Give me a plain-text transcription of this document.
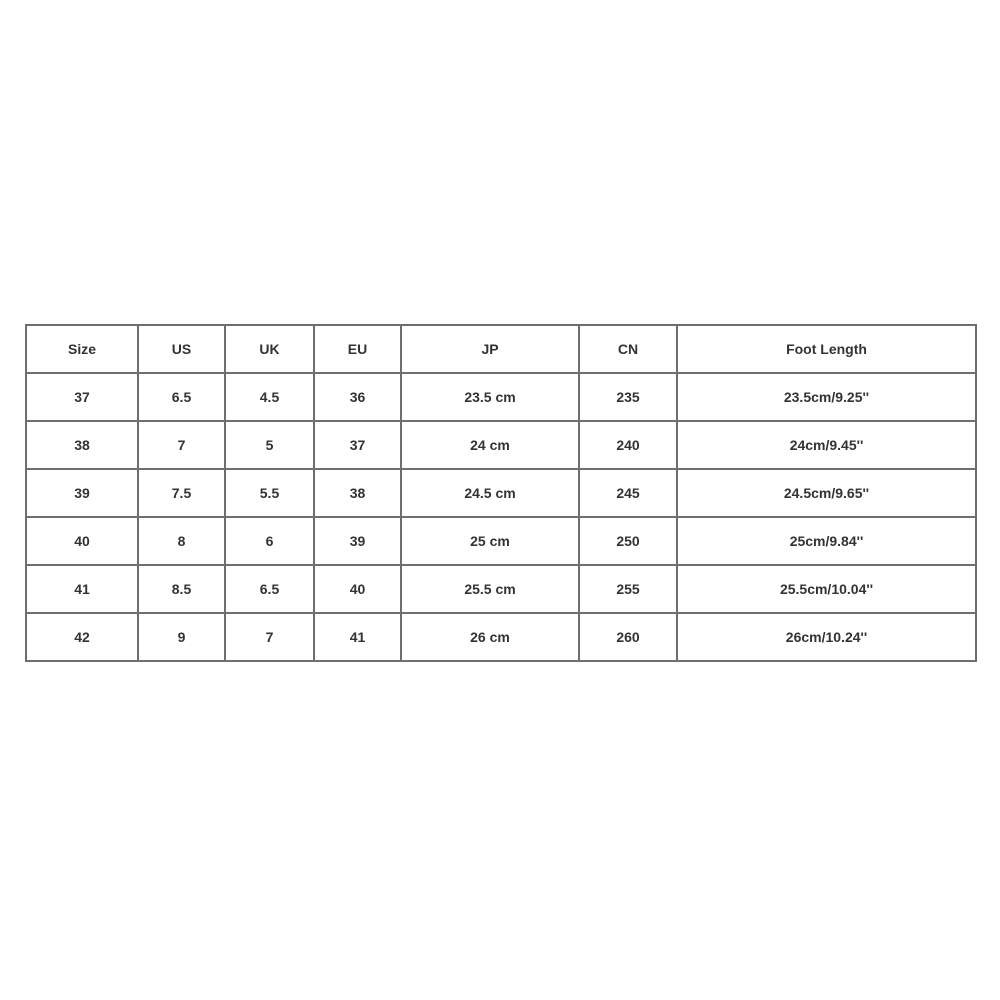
Size	US	UK	EU	JP	CN	Foot Length
37	6.5	4.5	36	23.5 cm	235	23.5cm/9.25''
38	7	5	37	24 cm	240	24cm/9.45''
39	7.5	5.5	38	24.5 cm	245	24.5cm/9.65''
40	8	6	39	25 cm	250	25cm/9.84''
41	8.5	6.5	40	25.5 cm	255	25.5cm/10.04''
42	9	7	41	26 cm	260	26cm/10.24''
